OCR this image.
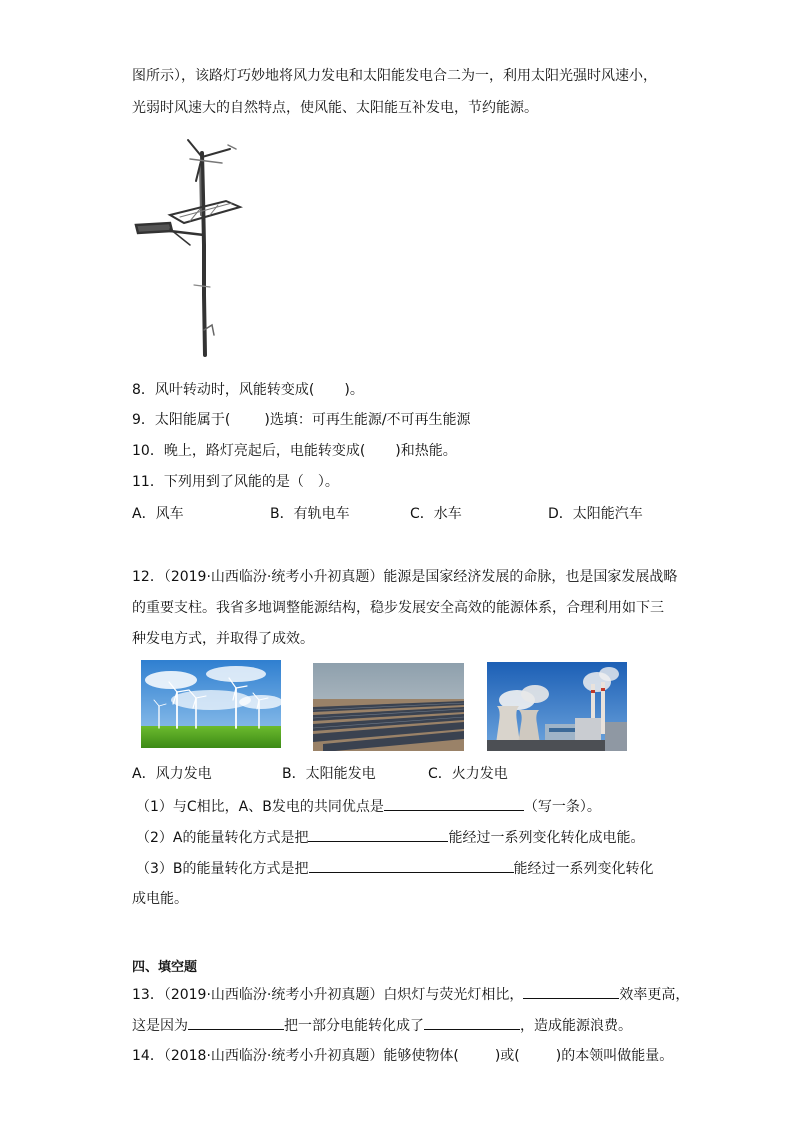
图所示），该路灯巧妙地将风力发电和太阳能发电合二为一，利用太阳光强时风速小，
光弱时风速大的自然特点，使风能、太阳能互补发电，节约能源。
8．风叶转动时，风能转变成( )。
9．太阳能属于( )选填：可再生能源/不可再生能源
10．晚上，路灯亮起后，电能转变成( )和热能。
11．下列用到了风能的是（　）。
A．风车	B．有轨电车	C．水车	D．太阳能汽车
12．（2019·山西临汾·统考小升初真题）能源是国家经济发展的命脉，也是国家发展战略
的重要支柱。我省多地调整能源结构，稳步发展安全高效的能源体系，合理利用如下三
种发电方式，并取得了成效。
A．风力发电	B．太阳能发电	C．火力发电
（1）与C相比，A、B发电的共同优点是	（写一条）。
（2）A的能量转化方式是把	能经过一系列变化转化成电能。
（3）B的能量转化方式是把	能经过一系列变化转化
成电能。
四、填空题
13．（2019·山西临汾·统考小升初真题）白炽灯与荧光灯相比，	效率更高，
这是因为	把一部分电能转化成了	，造成能源浪费。
14．（2018·山西临汾·统考小升初真题）能够使物体(	)或(	)的本领叫做能量。
